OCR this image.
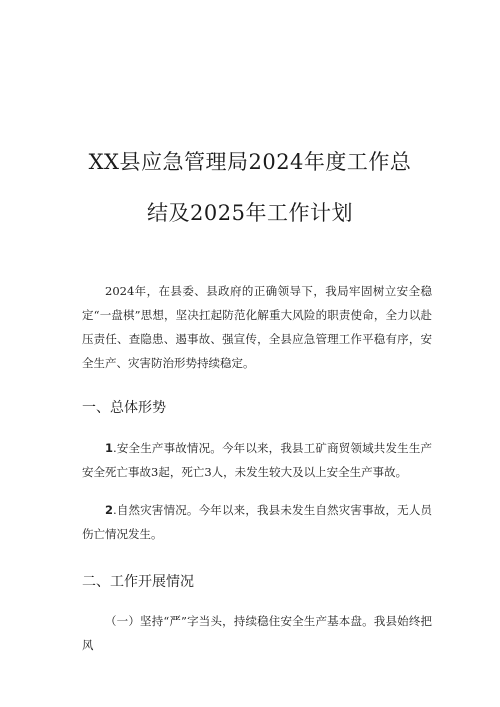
XX县应急管理局2024年度工作总
结及2025年工作计划
2024年，在县委、县政府的正确领导下，我局牢固树立安全稳定“一盘棋”思想，坚决扛起防范化解重大风险的职责使命，全力以赴压责任、查隐患、遏事故、强宣传，全县应急管理工作平稳有序，安全生产、灾害防治形势持续稳定。
一、总体形势
1.安全生产事故情况。今年以来，我县工矿商贸领域共发生生产安全死亡事故3起，死亡3人，未发生较大及以上安全生产事故。
2.自然灾害情况。今年以来，我县未发生自然灾害事故，无人员伤亡情况发生。
二、工作开展情况
（一）坚持“严”字当头，持续稳住安全生产基本盘。我县始终把风
